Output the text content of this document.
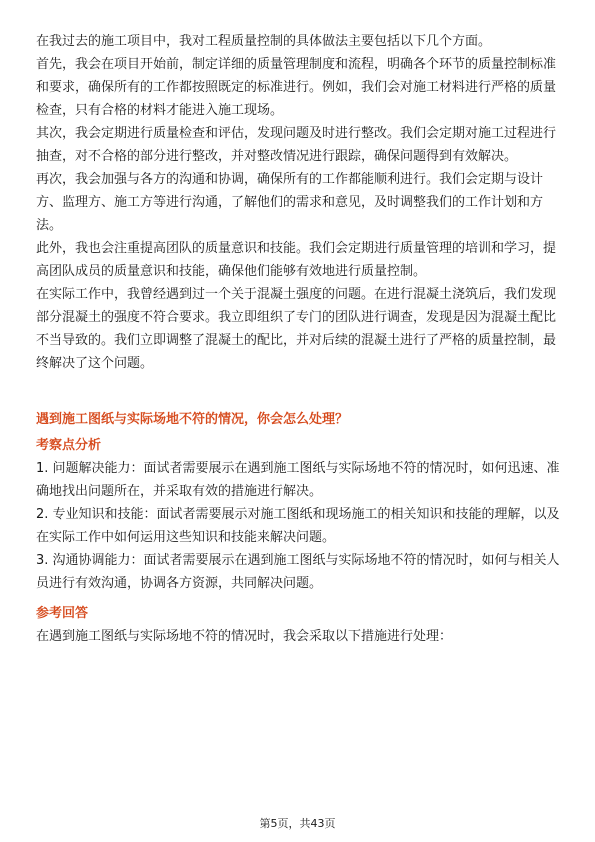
在我过去的施工项目中，我对工程质量控制的具体做法主要包括以下几个方面。

首先，我会在项目开始前，制定详细的质量管理制度和流程，明确各个环节的质量控制标准和要求，确保所有的工作都按照既定的标准进行。例如，我们会对施工材料进行严格的质量检查，只有合格的材料才能进入施工现场。

其次，我会定期进行质量检查和评估，发现问题及时进行整改。我们会定期对施工过程进行抽查，对不合格的部分进行整改，并对整改情况进行跟踪，确保问题得到有效解决。

再次，我会加强与各方的沟通和协调，确保所有的工作都能顺利进行。我们会定期与设计方、监理方、施工方等进行沟通，了解他们的需求和意见，及时调整我们的工作计划和方法。

此外，我也会注重提高团队的质量意识和技能。我们会定期进行质量管理的培训和学习，提高团队成员的质量意识和技能，确保他们能够有效地进行质量控制。

在实际工作中，我曾经遇到过一个关于混凝土强度的问题。在进行混凝土浇筑后，我们发现部分混凝土的强度不符合要求。我立即组织了专门的团队进行调查，发现是因为混凝土配比不当导致的。我们立即调整了混凝土的配比，并对后续的混凝土进行了严格的质量控制，最终解决了这个问题。

遇到施工图纸与实际场地不符的情况，你会怎么处理？

考察点分析

1. 问题解决能力：面试者需要展示在遇到施工图纸与实际场地不符的情况时，如何迅速、准确地找出问题所在，并采取有效的措施进行解决。

2. 专业知识和技能：面试者需要展示对施工图纸和现场施工的相关知识和技能的理解，以及在实际工作中如何运用这些知识和技能来解决问题。

3. 沟通协调能力：面试者需要展示在遇到施工图纸与实际场地不符的情况时，如何与相关人员进行有效沟通，协调各方资源，共同解决问题。

参考回答

在遇到施工图纸与实际场地不符的情况时，我会采取以下措施进行处理：

第5页，共43页
